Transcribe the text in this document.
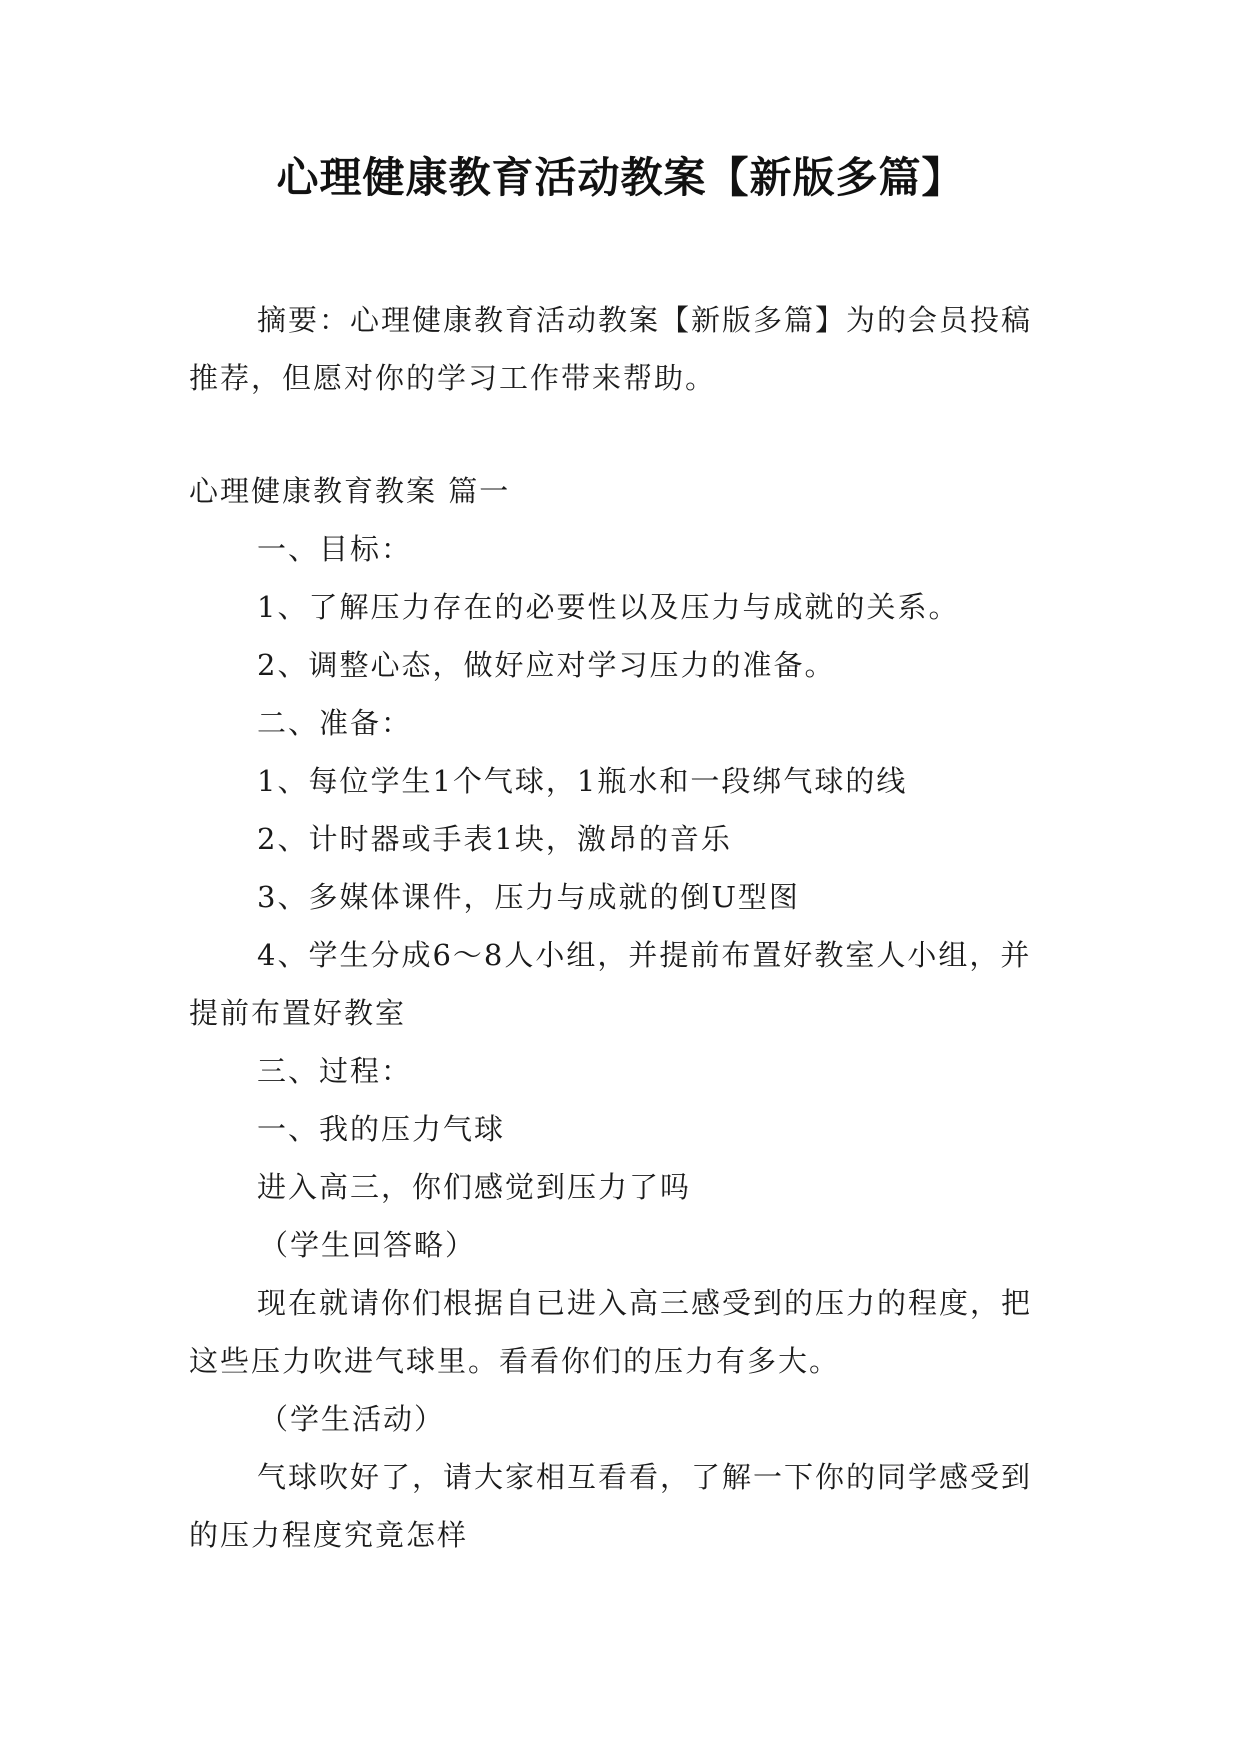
心理健康教育活动教案【新版多篇】
摘要：心理健康教育活动教案【新版多篇】为的会员投稿推荐，但愿对你的学习工作带来帮助。
心理健康教育教案 篇一
一、目标：
1、了解压力存在的必要性以及压力与成就的关系。
2、调整心态，做好应对学习压力的准备。
二、准备：
1、每位学生1个气球，1瓶水和一段绑气球的线
2、计时器或手表1块，激昂的音乐
3、多媒体课件，压力与成就的倒U型图
4、学生分成6～8人小组，并提前布置好教室人小组，并提前布置好教室
三、过程：
一、我的压力气球
进入高三，你们感觉到压力了吗
（学生回答略）
现在就请你们根据自已进入高三感受到的压力的程度，把这些压力吹进气球里。看看你们的压力有多大。
（学生活动）
气球吹好了，请大家相互看看，了解一下你的同学感受到的压力程度究竟怎样
